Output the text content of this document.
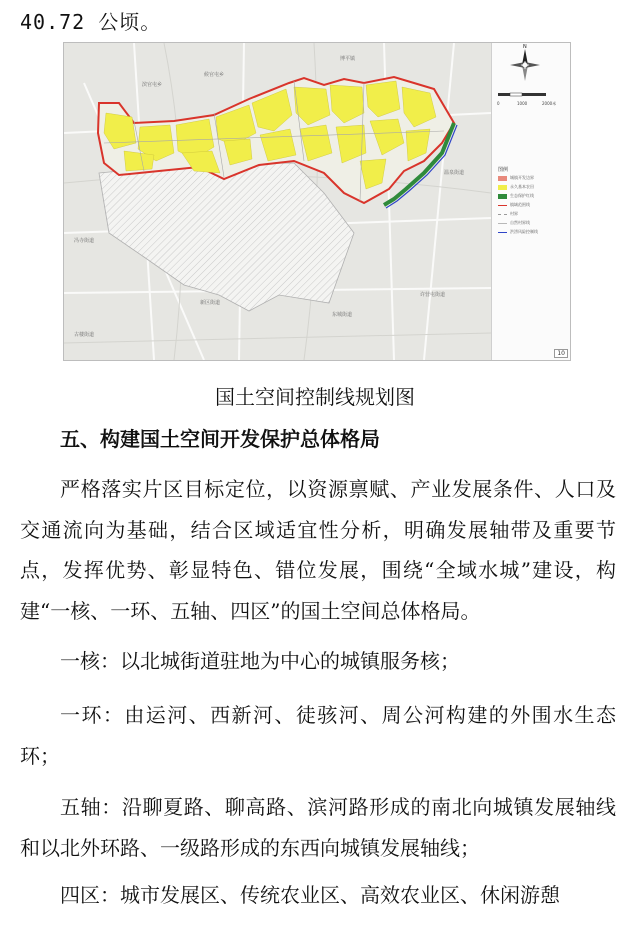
40.72 公顷。
滨官屯乡
候官屯乡
博平镇
温泉街道
冯寺街道
新区街道
东城街道
许营屯街道
古楼街道
N
0	1000	2000米
图例
城镇开发边界
永久基本农田
生态保护红线
镇域范围线
村界
自然村界线
洪涝风险控制线
10
国土空间控制线规划图
五、构建国土空间开发保护总体格局

严格落实片区目标定位，以资源禀赋、产业发展条件、人口及交通流向为基础，结合区域适宜性分析，明确发展轴带及重要节点，发挥优势、彰显特色、错位发展，围绕“全域水城”建设，构建“一核、一环、五轴、四区”的国土空间总体格局。

一核：以北城街道驻地为中心的城镇服务核；

一环：由运河、西新河、徒骇河、周公河构建的外围水生态环；

五轴：沿聊夏路、聊高路、滨河路形成的南北向城镇发展轴线和以北外环路、一级路形成的东西向城镇发展轴线；

四区：城市发展区、传统农业区、高效农业区、休闲游憩
